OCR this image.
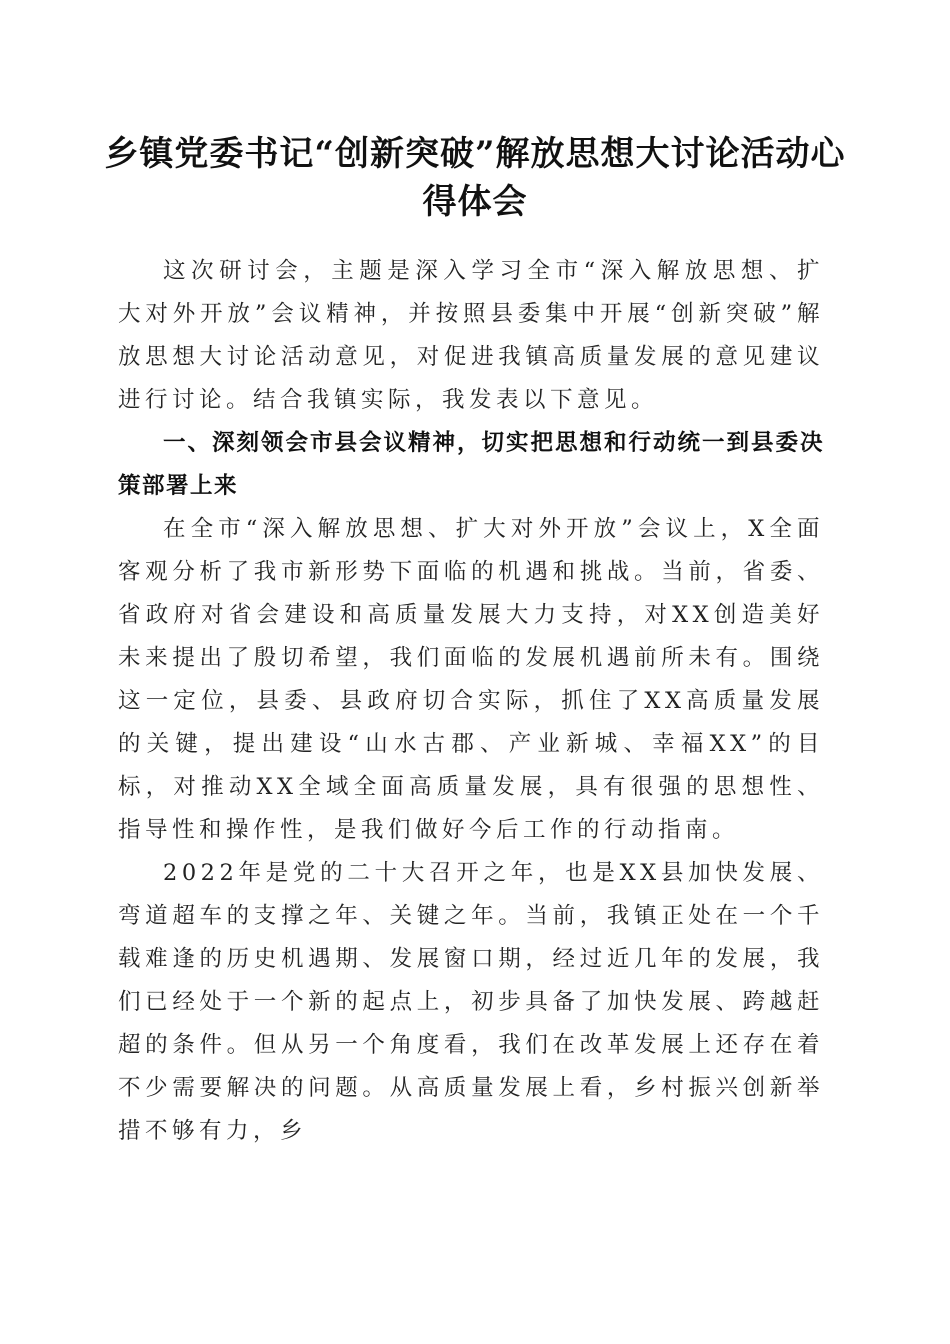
乡镇党委书记“创新突破”解放思想大讨论活动心得体会

这次研讨会，主题是深入学习全市“深入解放思想、扩大对外开放”会议精神，并按照县委集中开展“创新突破”解放思想大讨论活动意见，对促进我镇高质量发展的意见建议进行讨论。结合我镇实际，我发表以下意见。

一、深刻领会市县会议精神，切实把思想和行动统一到县委决策部署上来

在全市“深入解放思想、扩大对外开放”会议上，X全面客观分析了我市新形势下面临的机遇和挑战。当前，省委、省政府对省会建设和高质量发展大力支持，对XX创造美好未来提出了殷切希望，我们面临的发展机遇前所未有。围绕这一定位，县委、县政府切合实际，抓住了XX高质量发展的关键，提出建设“山水古郡、产业新城、幸福XX”的目标，对推动XX全域全面高质量发展，具有很强的思想性、指导性和操作性，是我们做好今后工作的行动指南。

2022年是党的二十大召开之年，也是XX县加快发展、弯道超车的支撑之年、关键之年。当前，我镇正处在一个千载难逢的历史机遇期、发展窗口期，经过近几年的发展，我们已经处于一个新的起点上，初步具备了加快发展、跨越赶超的条件。但从另一个角度看，我们在改革发展上还存在着不少需要解决的问题。从高质量发展上看，乡村振兴创新举措不够有力，乡
